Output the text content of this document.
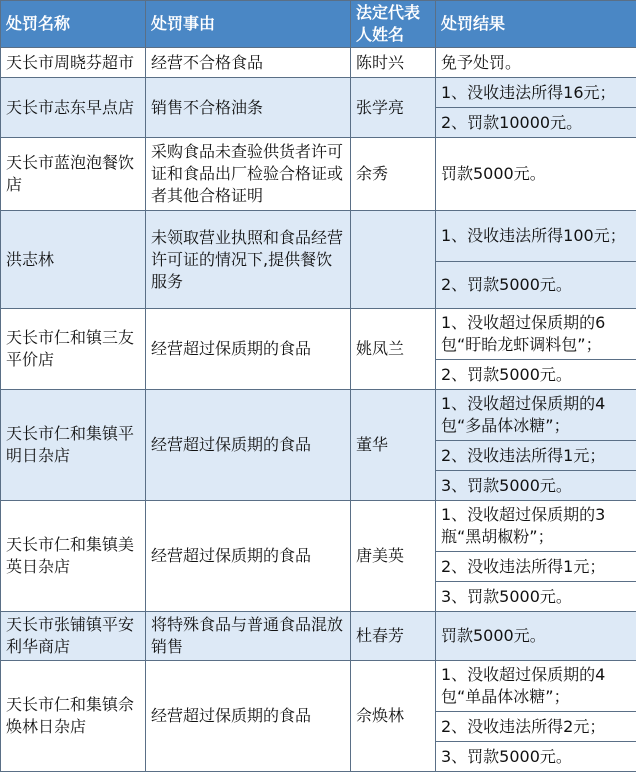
处罚名称	处罚事由	法定代表人姓名	处罚结果
天长市周晓芬超市	经营不合格食品	陈时兴	免予处罚。
天长市志东早点店	销售不合格油条	张学亮	1、没收违法所得16元；
			2、罚款10000元。
天长市蓝泡泡餐饮店	采购食品未查验供货者许可证和食品出厂检验合格证或者其他合格证明	余秀	罚款5000元。
洪志林	未领取营业执照和食品经营许可证的情况下,提供餐饮服务		1、没收违法所得100元；
			2、罚款5000元。
天长市仁和镇三友平价店	经营超过保质期的食品	姚凤兰	1、没收超过保质期的6包“盱眙龙虾调料包”；
			2、罚款5000元。
天长市仁和集镇平明日杂店	经营超过保质期的食品	董华	1、没收超过保质期的4包“多晶体冰糖”；
			2、没收违法所得1元；
			3、罚款5000元。
天长市仁和集镇美英日杂店	经营超过保质期的食品	唐美英	1、没收超过保质期的3瓶“黑胡椒粉”；
			2、没收违法所得1元；
			3、罚款5000元。
天长市张铺镇平安利华商店	将特殊食品与普通食品混放销售	杜春芳	罚款5000元。
天长市仁和集镇佘焕林日杂店	经营超过保质期的食品	佘焕林	1、没收超过保质期的4包“单晶体冰糖”；
			2、没收违法所得2元；
			3、罚款5000元。
